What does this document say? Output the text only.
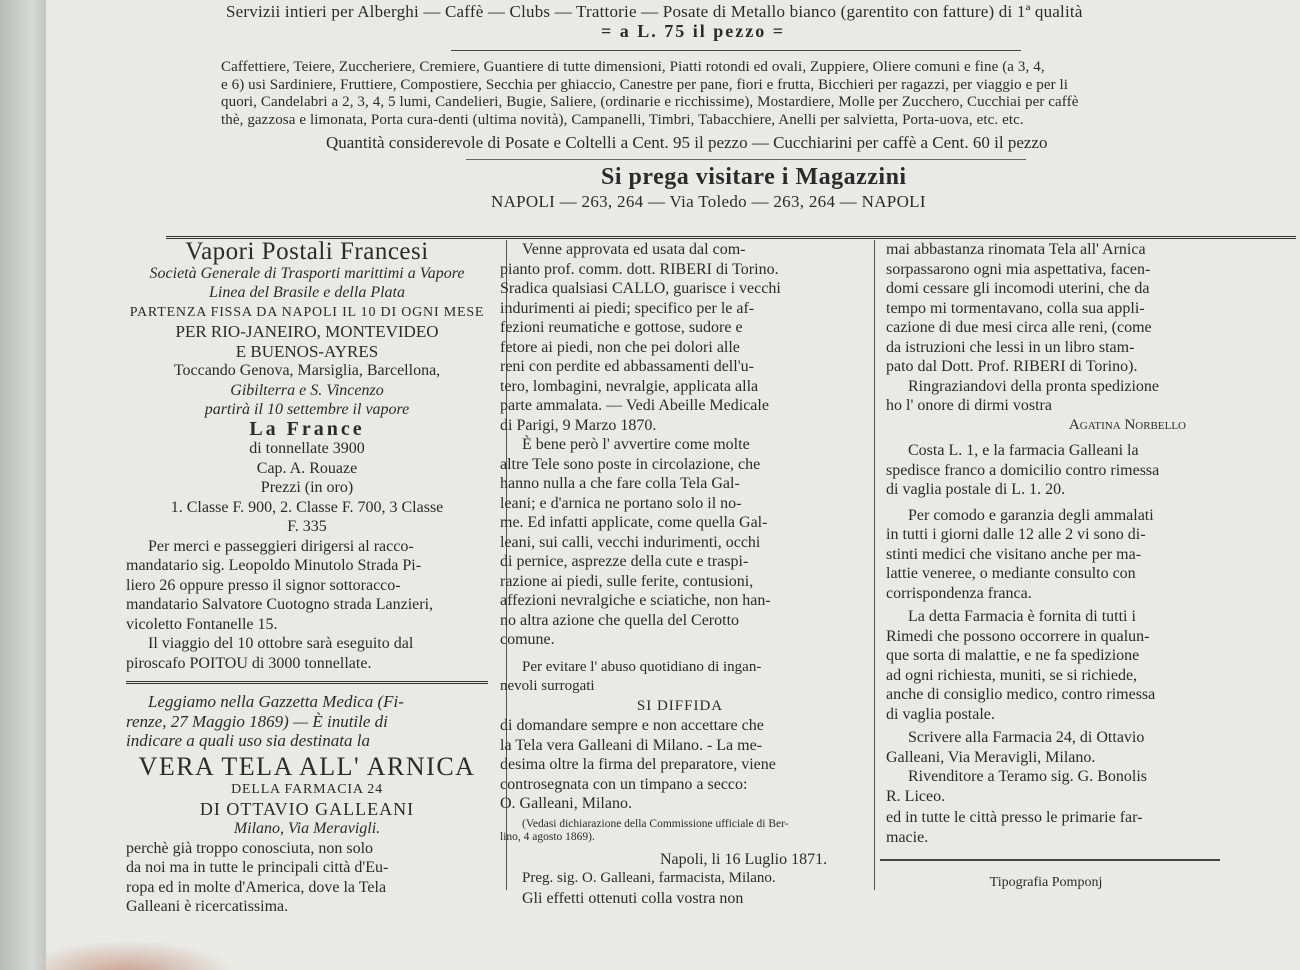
Servizii intieri per Alberghi — Caffè — Clubs — Trattorie — Posate di Metallo bianco (garentito con fatture) di 1ª qualità
= a L. 75 il pezzo =
Caffettiere, Teiere, Zuccheriere, Cremiere, Guantiere di tutte dimensioni, Piatti rotondi ed ovali, Zuppiere, Oliere comuni e fine (a 3, 4,
e 6) usi Sardiniere, Fruttiere, Compostiere, Secchia per ghiaccio, Canestre per pane, fiori e frutta, Bicchieri per ragazzi, per viaggio e per li
quori, Candelabri a 2, 3, 4, 5 lumi, Candelieri, Bugie, Saliere, (ordinarie e ricchissime), Mostardiere, Molle per Zucchero, Cucchiai per caffè
thè, gazzosa e limonata, Porta cura-denti (ultima novità), Campanelli, Timbri, Tabacchiere, Anelli per salvietta, Porta-uova, etc. etc.
Quantità considerevole di Posate e Coltelli a Cent. 95 il pezzo — Cucchiarini per caffè a Cent. 60 il pezzo
Si prega visitare i Magazzini
NAPOLI — 263, 264 — Via Toledo — 263, 264 — NAPOLI
Vapori Postali Francesi
Società Generale di Trasporti marittimi a Vapore
Linea del Brasile e della Plata
PARTENZA FISSA DA NAPOLI IL 10 DI OGNI MESE
PER RIO-JANEIRO, MONTEVIDEO
E BUENOS-AYRES
Toccando Genova, Marsiglia, Barcellona,
Gibilterra e S. Vincenzo
partirà il 10 settembre il vapore
La France
di tonnellate 3900
Cap. A. Rouaze
Prezzi (in oro)
1. Classe F. 900, 2. Classe F. 700, 3 Classe
F. 335
Per merci e passeggieri dirigersi al racco-
mandatario sig. Leopoldo Minutolo Strada Pi-
liero 26 oppure presso il signor sottoracco-
mandatario Salvatore Cuotogno strada Lanzieri,
vicoletto Fontanelle 15.
Il viaggio del 10 ottobre sarà eseguito dal
piroscafo POITOU di 3000 tonnellate.
Leggiamo nella Gazzetta Medica (Fi-
renze, 27 Maggio 1869) — È inutile di
indicare a quali uso sia destinata la
VERA TELA ALL' ARNICA
DELLA FARMACIA 24
DI OTTAVIO GALLEANI
Milano, Via Meravigli.
perchè già troppo conosciuta, non solo
da noi ma in tutte le principali città d'Eu-
ropa ed in molte d'America, dove la Tela
Galleani è ricercatissima.
Venne approvata ed usata dal com-
pianto prof. comm. dott. RIBERI di Torino.
Sradica qualsiasi CALLO, guarisce i vecchi
indurimenti ai piedi; specifico per le af-
fezioni reumatiche e gottose, sudore e
fetore ai piedi, non che pei dolori alle
reni con perdite ed abbassamenti dell'u-
tero, lombagini, nevralgie, applicata alla
parte ammalata. — Vedi Abeille Medicale
di Parigi, 9 Marzo 1870.
È bene però l' avvertire come molte
altre Tele sono poste in circolazione, che
hanno nulla a che fare colla Tela Gal-
leani; e d'arnica ne portano solo il no-
me. Ed infatti applicate, come quella Gal-
leani, sui calli, vecchi indurimenti, occhi
di pernice, asprezze della cute e traspi-
razione ai piedi, sulle ferite, contusioni,
affezioni nevralgiche e sciatiche, non han-
no altra azione che quella del Cerotto
comune.
Per evitare l' abuso quotidiano di ingan-
nevoli surrogati
SI DIFFIDA
di domandare sempre e non accettare che
la Tela vera Galleani di Milano. - La me-
desima oltre la firma del preparatore, viene
controsegnata con un timpano a secco:
O. Galleani, Milano.
(Vedasi dichiarazione della Commissione ufficiale di Ber-
lino, 4 agosto 1869).
Napoli, li 16 Luglio 1871.
Preg. sig. O. Galleani, farmacista, Milano.
Gli effetti ottenuti colla vostra non
mai abbastanza rinomata Tela all' Arnica
sorpassarono ogni mia aspettativa, facen-
domi cessare gli incomodi uterini, che da
tempo mi tormentavano, colla sua appli-
cazione di due mesi circa alle reni, (come
da istruzioni che lessi in un libro stam-
pato dal Dott. Prof. RIBERI di Torino).
Ringraziandovi della pronta spedizione
ho l' onore di dirmi vostra
Agatina Norbello
Costa L. 1, e la farmacia Galleani la
spedisce franco a domicilio contro rimessa
di vaglia postale di L. 1. 20.
Per comodo e garanzia degli ammalati
in tutti i giorni dalle 12 alle 2 vi sono di-
stinti medici che visitano anche per ma-
lattie veneree, o mediante consulto con
corrispondenza franca.
La detta Farmacia è fornita di tutti i
Rimedi che possono occorrere in qualun-
que sorta di malattie, e ne fa spedizione
ad ogni richiesta, muniti, se si richiede,
anche di consiglio medico, contro rimessa
di vaglia postale.
Scrivere alla Farmacia 24, di Ottavio
Galleani, Via Meravigli, Milano.
Rivenditore a Teramo sig. G. Bonolis
R. Liceo.
ed in tutte le città presso le primarie far-
macie.
Tipografia Pomponj
